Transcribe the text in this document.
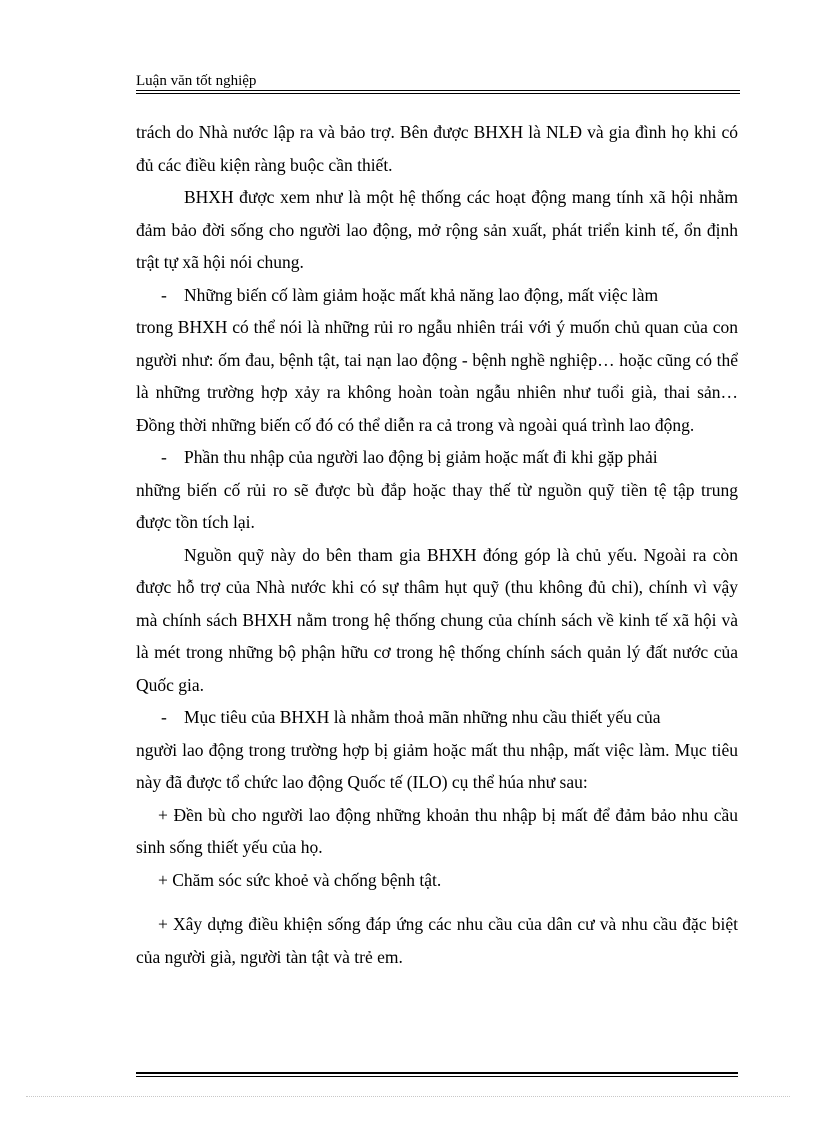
Luận văn tốt nghiệp

trách do Nhà nước lập ra và bảo trợ. Bên được BHXH là NLĐ và gia đình họ khi có đủ các điều kiện ràng buộc cần thiết.

BHXH được xem như là một hệ thống các hoạt động mang tính xã hội nhằm đảm bảo đời sống cho người lao động, mở rộng sản xuất, phát triển kinh tế, ổn định trật tự xã hội nói chung.

- Những biến cố làm giảm hoặc mất khả năng lao động, mất việc làm

trong BHXH có thể nói là những rủi ro ngẫu nhiên trái với ý muốn chủ quan của con người như: ốm đau, bệnh tật, tai nạn lao động - bệnh nghề nghiệp… hoặc cũng có thể là những trường hợp xảy ra không hoàn toàn ngẫu nhiên như tuổi già, thai sản… Đồng thời những biến cố đó có thể diễn ra cả trong và ngoài quá trình lao động.

- Phần thu nhập của người lao động bị giảm hoặc mất đi khi gặp phải

những biến cố rủi ro sẽ được bù đắp hoặc thay thế từ nguồn quỹ tiền tệ tập trung được tồn tích lại.

Nguồn quỹ này do bên tham gia BHXH đóng góp là chủ yếu. Ngoài ra còn được hỗ trợ của Nhà nước khi có sự thâm hụt quỹ (thu không đủ chi), chính vì vậy mà chính sách BHXH nằm trong hệ thống chung của chính sách về kinh tế xã hội và là mét trong những bộ phận hữu cơ trong hệ thống chính sách quản lý đất nước của Quốc gia.

- Mục tiêu của BHXH là nhằm thoả mãn những nhu cầu thiết yếu của

người lao động trong trường hợp bị giảm hoặc mất thu nhập, mất việc làm. Mục tiêu này đã được tổ chức lao động Quốc tế (ILO) cụ thể húa như sau:

+ Đền bù cho người lao động những khoản thu nhập bị mất để đảm bảo nhu cầu sinh sống thiết yếu của họ.

+ Chăm sóc sức khoẻ và chống bệnh tật.

+ Xây dựng điều khiện sống đáp ứng các nhu cầu của dân cư và nhu cầu đặc biệt của người già, người tàn tật và trẻ em.
